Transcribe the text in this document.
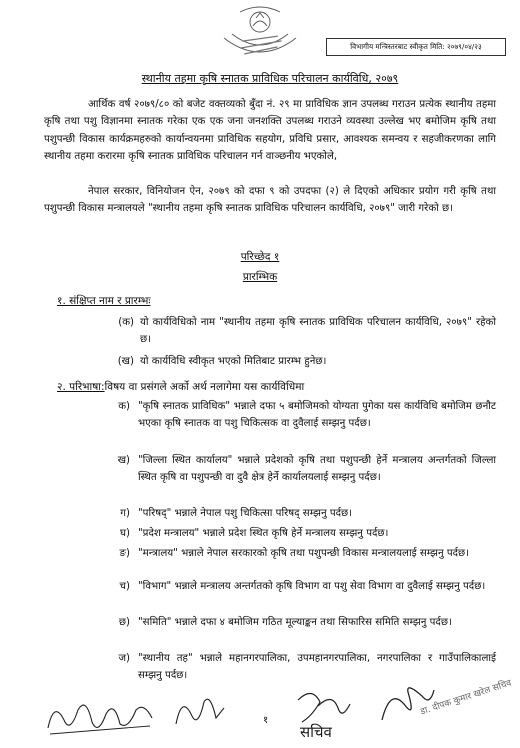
विभागीय मन्त्रिस्तरबाट स्वीकृत मिति: २०७९/०४/२३
स्थानीय तहमा कृषि स्नातक प्राविधिक परिचालन कार्यविधि, २०७९
आर्थिक वर्ष २०७९/८० को बजेट वक्तव्यको बुँदा नं. २९ मा प्राविधिक ज्ञान उपलब्ध गराउन प्रत्येक स्थानीय तहमा कृषि तथा पशु विज्ञानमा स्नातक गरेका एक एक जना जनशक्ति उपलब्ध गराउने व्यवस्था उल्लेख भए बमोजिम कृषि तथा पशुपन्छी विकास कार्यक्रमहरुको कार्यान्वयनमा प्राविधिक सहयोग, प्रविधि प्रसार, आवश्यक समन्वय र सहजीकरणका लागि स्थानीय तहमा करारमा कृषि स्नातक प्राविधिक परिचालन गर्न वाञ्छनीय भएकोले,
नेपाल सरकार, विनियोजन ऐन, २०७९ को दफा ९ को उपदफा (२) ले दिएको अधिकार प्रयोग गरी कृषि तथा पशुपन्छी विकास मन्त्रालयले "स्थानीय तहमा कृषि स्नातक प्राविधिक परिचालन कार्यविधि, २०७९" जारी गरेको छ।
परिच्छेद १
प्रारम्भिक
१. संक्षिप्त नाम र प्रारम्भः
(क) यो कार्यविधिको नाम "स्थानीय तहमा कृषि स्नातक प्राविधिक परिचालन कार्यविधि, २०७९" रहेको छ।
(ख) यो कार्यविधि स्वीकृत भएको मितिबाट प्रारम्भ हुनेछ।
२. परिभाषा:विषय वा प्रसंगले अर्को अर्थ नलागेमा यस कार्यविधिमा
क) "कृषि स्नातक प्राविधिक" भन्नाले दफा ५ बमोजिमको योग्यता पुगेका यस कार्यविधि बमोजिम छनौट भएका कृषि स्नातक वा पशु चिकित्सक वा दुवैलाई सम्झनु पर्दछ।
ख) "जिल्ला स्थित कार्यालय" भन्नाले प्रदेशको कृषि तथा पशुपन्छी हेर्ने मन्त्रालय अन्तर्गतको जिल्ला स्थित कृषि वा पशुपन्छी वा दुवै क्षेत्र हेर्ने कार्यालयलाई सम्झनु पर्दछ।
ग) "परिषद्" भन्नाले नेपाल पशु चिकित्सा परिषद् सम्झनु पर्दछ।
घ) "प्रदेश मन्त्रालय" भन्नाले प्रदेश स्थित कृषि हेर्ने मन्त्रालय सम्झनु पर्दछ।
ङ) "मन्त्रालय" भन्नाले नेपाल सरकारको कृषि तथा पशुपन्छी विकास मन्त्रालयलाई सम्झनु पर्दछ।
च) "विभाग" भन्नाले मन्त्रालय अन्तर्गतको कृषि विभाग वा पशु सेवा विभाग वा दुवैलाई सम्झनु पर्दछ।
छ) "समिति" भन्नाले दफा ४ बमोजिम गठित मूल्याङ्कन तथा सिफारिस समिति सम्झनु पर्दछ।
ज) "स्थानीय तह" भन्नाले महानगरपालिका, उपमहानगरपालिका, नगरपालिका र गाउँपालिकालाई सम्झनु पर्दछ।
१
सचिव
डा. दीपक कुमार खरेल सचिव
